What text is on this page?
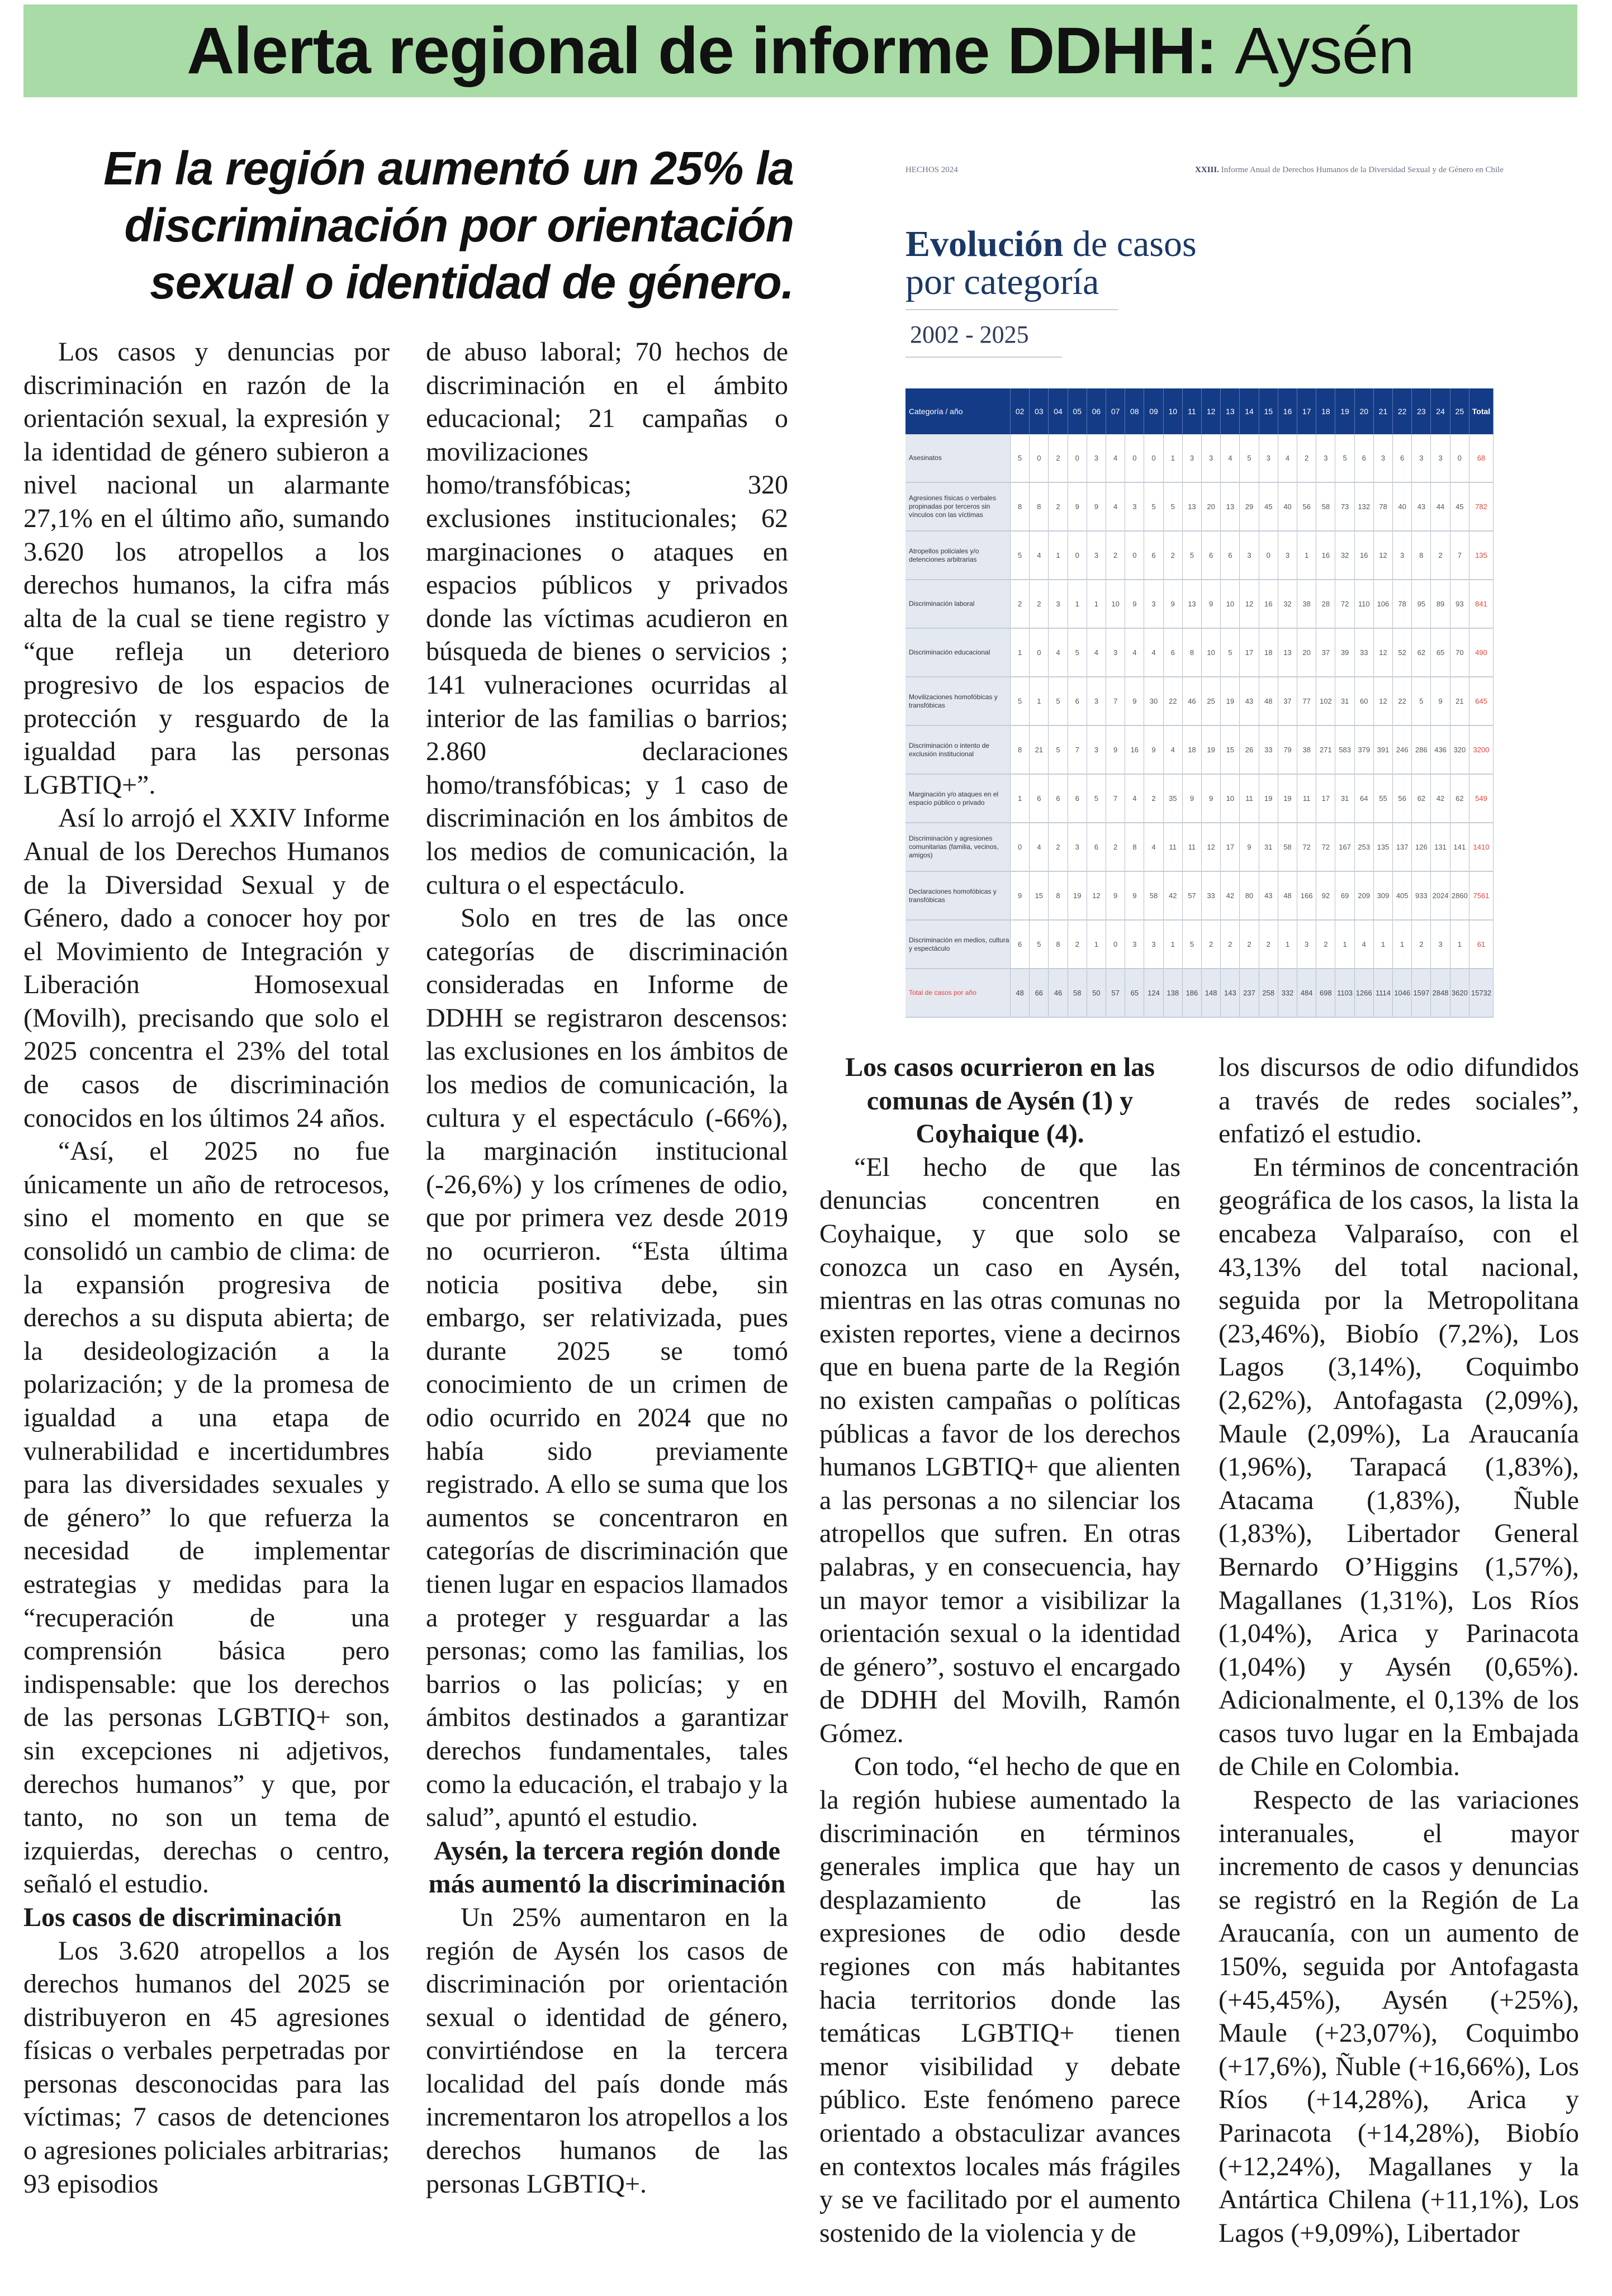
Alerta regional de informe DDHH: Aysén
En la región aumentó un 25% la discriminación por orientación sexual o identidad de género.

Los casos y denuncias por discriminación en razón de la orientación sexual, la expresión y la identidad de género subieron a nivel nacional un alarmante 27,1% en el último año, sumando 3.620 los atropellos a los derechos humanos, la cifra más alta de la cual se tiene registro y “que refleja un deterioro progresivo de los espacios de protección y resguardo de la igualdad para las personas LGBTIQ+”.

Así lo arrojó el XXIV Informe Anual de los Derechos Humanos de la Diversidad Sexual y de Género, dado a conocer hoy por el Movimiento de Integración y Liberación Homosexual (Movilh), precisando que solo el 2025 concentra el 23% del total de casos de discriminación conocidos en los últimos 24 años.

“Así, el 2025 no fue únicamente un año de retrocesos, sino el momento en que se consolidó un cambio de clima: de la expansión progresiva de derechos a su disputa abierta; de la desideologización a la polarización; y de la promesa de igualdad a una etapa de vulnerabilidad e incertidumbres para las diversidades sexuales y de género” lo que refuerza la necesidad de implementar estrategias y medidas para la “recuperación de una comprensión básica pero indispensable: que los derechos de las personas LGBTIQ+ son, sin excepciones ni adjetivos, derechos humanos” y que, por tanto, no son un tema de izquierdas, derechas o centro, señaló el estudio.

Los casos de discriminación

Los 3.620 atropellos a los derechos humanos del 2025 se distribuyeron en 45 agresiones físicas o verbales perpetradas por personas desconocidas para las víctimas; 7 casos de detenciones o agresiones policiales arbitrarias; 93 episodios

de abuso laboral; 70 hechos de discriminación en el ámbito educacional; 21 campañas o movilizaciones homo/transfóbicas; 320 exclusiones institucionales; 62 marginaciones o ataques en espacios públicos y privados donde las víctimas acudieron en búsqueda de bienes o servicios ; 141 vulneraciones ocurridas al interior de las familias o barrios; 2.860 declaraciones homo/transfóbicas; y 1 caso de discriminación en los ámbitos de los medios de comunicación, la cultura o el espectáculo.

Solo en tres de las once categorías de discriminación consideradas en Informe de DDHH se registraron descensos: las exclusiones en los ámbitos de los medios de comunicación, la cultura y el espectáculo (-66%), la marginación institucional (-26,6%) y los crímenes de odio, que por primera vez desde 2019 no ocurrieron. “Esta última noticia positiva debe, sin embargo, ser relativizada, pues durante 2025 se tomó conocimiento de un crimen de odio ocurrido en 2024 que no había sido previamente registrado. A ello se suma que los aumentos se concentraron en categorías de discriminación que tienen lugar en espacios llamados a proteger y resguardar a las personas; como las familias, los barrios o las policías; y en ámbitos destinados a garantizar derechos fundamentales, tales como la educación, el trabajo y la salud”, apuntó el estudio.

Aysén, la tercera región donde más aumentó la discriminación

Un 25% aumentaron en la región de Aysén los casos de discriminación por orientación sexual o identidad de género, convirtiéndose en la tercera localidad del país donde más incrementaron los atropellos a los derechos humanos de las personas LGBTIQ+.

HECHOS 2024	XXIII. Informe Anual de Derechos Humanos de la Diversidad Sexual y de Género en Chile
Evolución de casos
por categoría
2002 - 2025
Categoría / año	02	03	04	05	06	07	08	09	10	11	12	13	14	15	16	17	18	19	20	21	22	23	24	25	Total
Asesinatos	5	0	2	0	3	4	0	0	1	3	3	4	5	3	4	2	3	5	6	3	6	3	3	0	68
Agresiones físicas o verbales propinadas por terceros sin vínculos con las víctimas	8	8	2	9	9	4	3	5	5	13	20	13	29	45	40	56	58	73	132	78	40	43	44	45	782
Atropellos policiales y/o detenciones arbitrarias	5	4	1	0	3	2	0	6	2	5	6	6	3	0	3	1	16	32	16	12	3	8	2	7	135
Discriminación laboral	2	2	3	1	1	10	9	3	9	13	9	10	12	16	32	38	28	72	110	106	78	95	89	93	841
Discriminación educacional	1	0	4	5	4	3	4	4	6	8	10	5	17	18	13	20	37	39	33	12	52	62	65	70	490
Movilizaciones homofóbicas y transfóbicas	5	1	5	6	3	7	9	30	22	46	25	19	43	48	37	77	102	31	60	12	22	5	9	21	645
Discriminación o intento de exclusión institucional	8	21	5	7	3	9	16	9	4	18	19	15	26	33	79	38	271	583	379	391	246	286	436	320	3200
Marginación y/o ataques en el espacio público o privado	1	6	6	6	5	7	4	2	35	9	9	10	11	19	19	11	17	31	64	55	56	62	42	62	549
Discriminación y agresiones comunitarias (familia, vecinos, amigos)	0	4	2	3	6	2	8	4	11	11	12	17	9	31	58	72	72	167	253	135	137	126	131	141	1410
Declaraciones homofóbicas y transfóbicas	9	15	8	19	12	9	9	58	42	57	33	42	80	43	48	166	92	69	209	309	405	933	2024	2860	7561
Discriminación en medios, cultura y espectáculo	6	5	8	2	1	0	3	3	1	5	2	2	2	2	1	3	2	1	4	1	1	2	3	1	61
Total de casos por año	48	66	46	58	50	57	65	124	138	186	148	143	237	258	332	484	698	1103	1266	1114	1046	1597	2848	3620	15732
Los casos ocurrieron en las comunas de Aysén (1) y Coyhaique (4).

“El hecho de que las denuncias concentren en Coyhaique, y que solo se conozca un caso en Aysén, mientras en las otras comunas no existen reportes, viene a decirnos que en buena parte de la Región no existen campañas o políticas públicas a favor de los derechos humanos LGBTIQ+ que alienten a las personas a no silenciar los atropellos que sufren. En otras palabras, y en consecuencia, hay un mayor temor a visibilizar la orientación sexual o la identidad de género”, sostuvo el encargado de DDHH del Movilh, Ramón Gómez.

Con todo, “el hecho de que en la región hubiese aumentado la discriminación en términos generales implica que hay un desplazamiento de las expresiones de odio desde regiones con más habitantes hacia territorios donde las temáticas LGBTIQ+ tienen menor visibilidad y debate público. Este fenómeno parece orientado a obstaculizar avances en contextos locales más frágiles y se ve facilitado por el aumento sostenido de la violencia y de

los discursos de odio difundidos a través de redes sociales”, enfatizó el estudio.

En términos de concentración geográfica de los casos, la lista la encabeza Valparaíso, con el 43,13% del total nacional, seguida por la Metropolitana (23,46%), Biobío (7,2%), Los Lagos (3,14%), Coquimbo (2,62%), Antofagasta (2,09%), Maule (2,09%), La Araucanía (1,96%), Tarapacá (1,83%), Atacama (1,83%), Ñuble (1,83%), Libertador General Bernardo O’Higgins (1,57%), Magallanes (1,31%), Los Ríos (1,04%), Arica y Parinacota (1,04%) y Aysén (0,65%). Adicionalmente, el 0,13% de los casos tuvo lugar en la Embajada de Chile en Colombia.

Respecto de las variaciones interanuales, el mayor incremento de casos y denuncias se registró en la Región de La Araucanía, con un aumento de 150%, seguida por Antofagasta (+45,45%), Aysén (+25%), Maule (+23,07%), Coquimbo (+17,6%), Ñuble (+16,66%), Los Ríos (+14,28%), Arica y Parinacota (+14,28%), Biobío (+12,24%), Magallanes y la Antártica Chilena (+11,1%), Los Lagos (+9,09%), Libertador
